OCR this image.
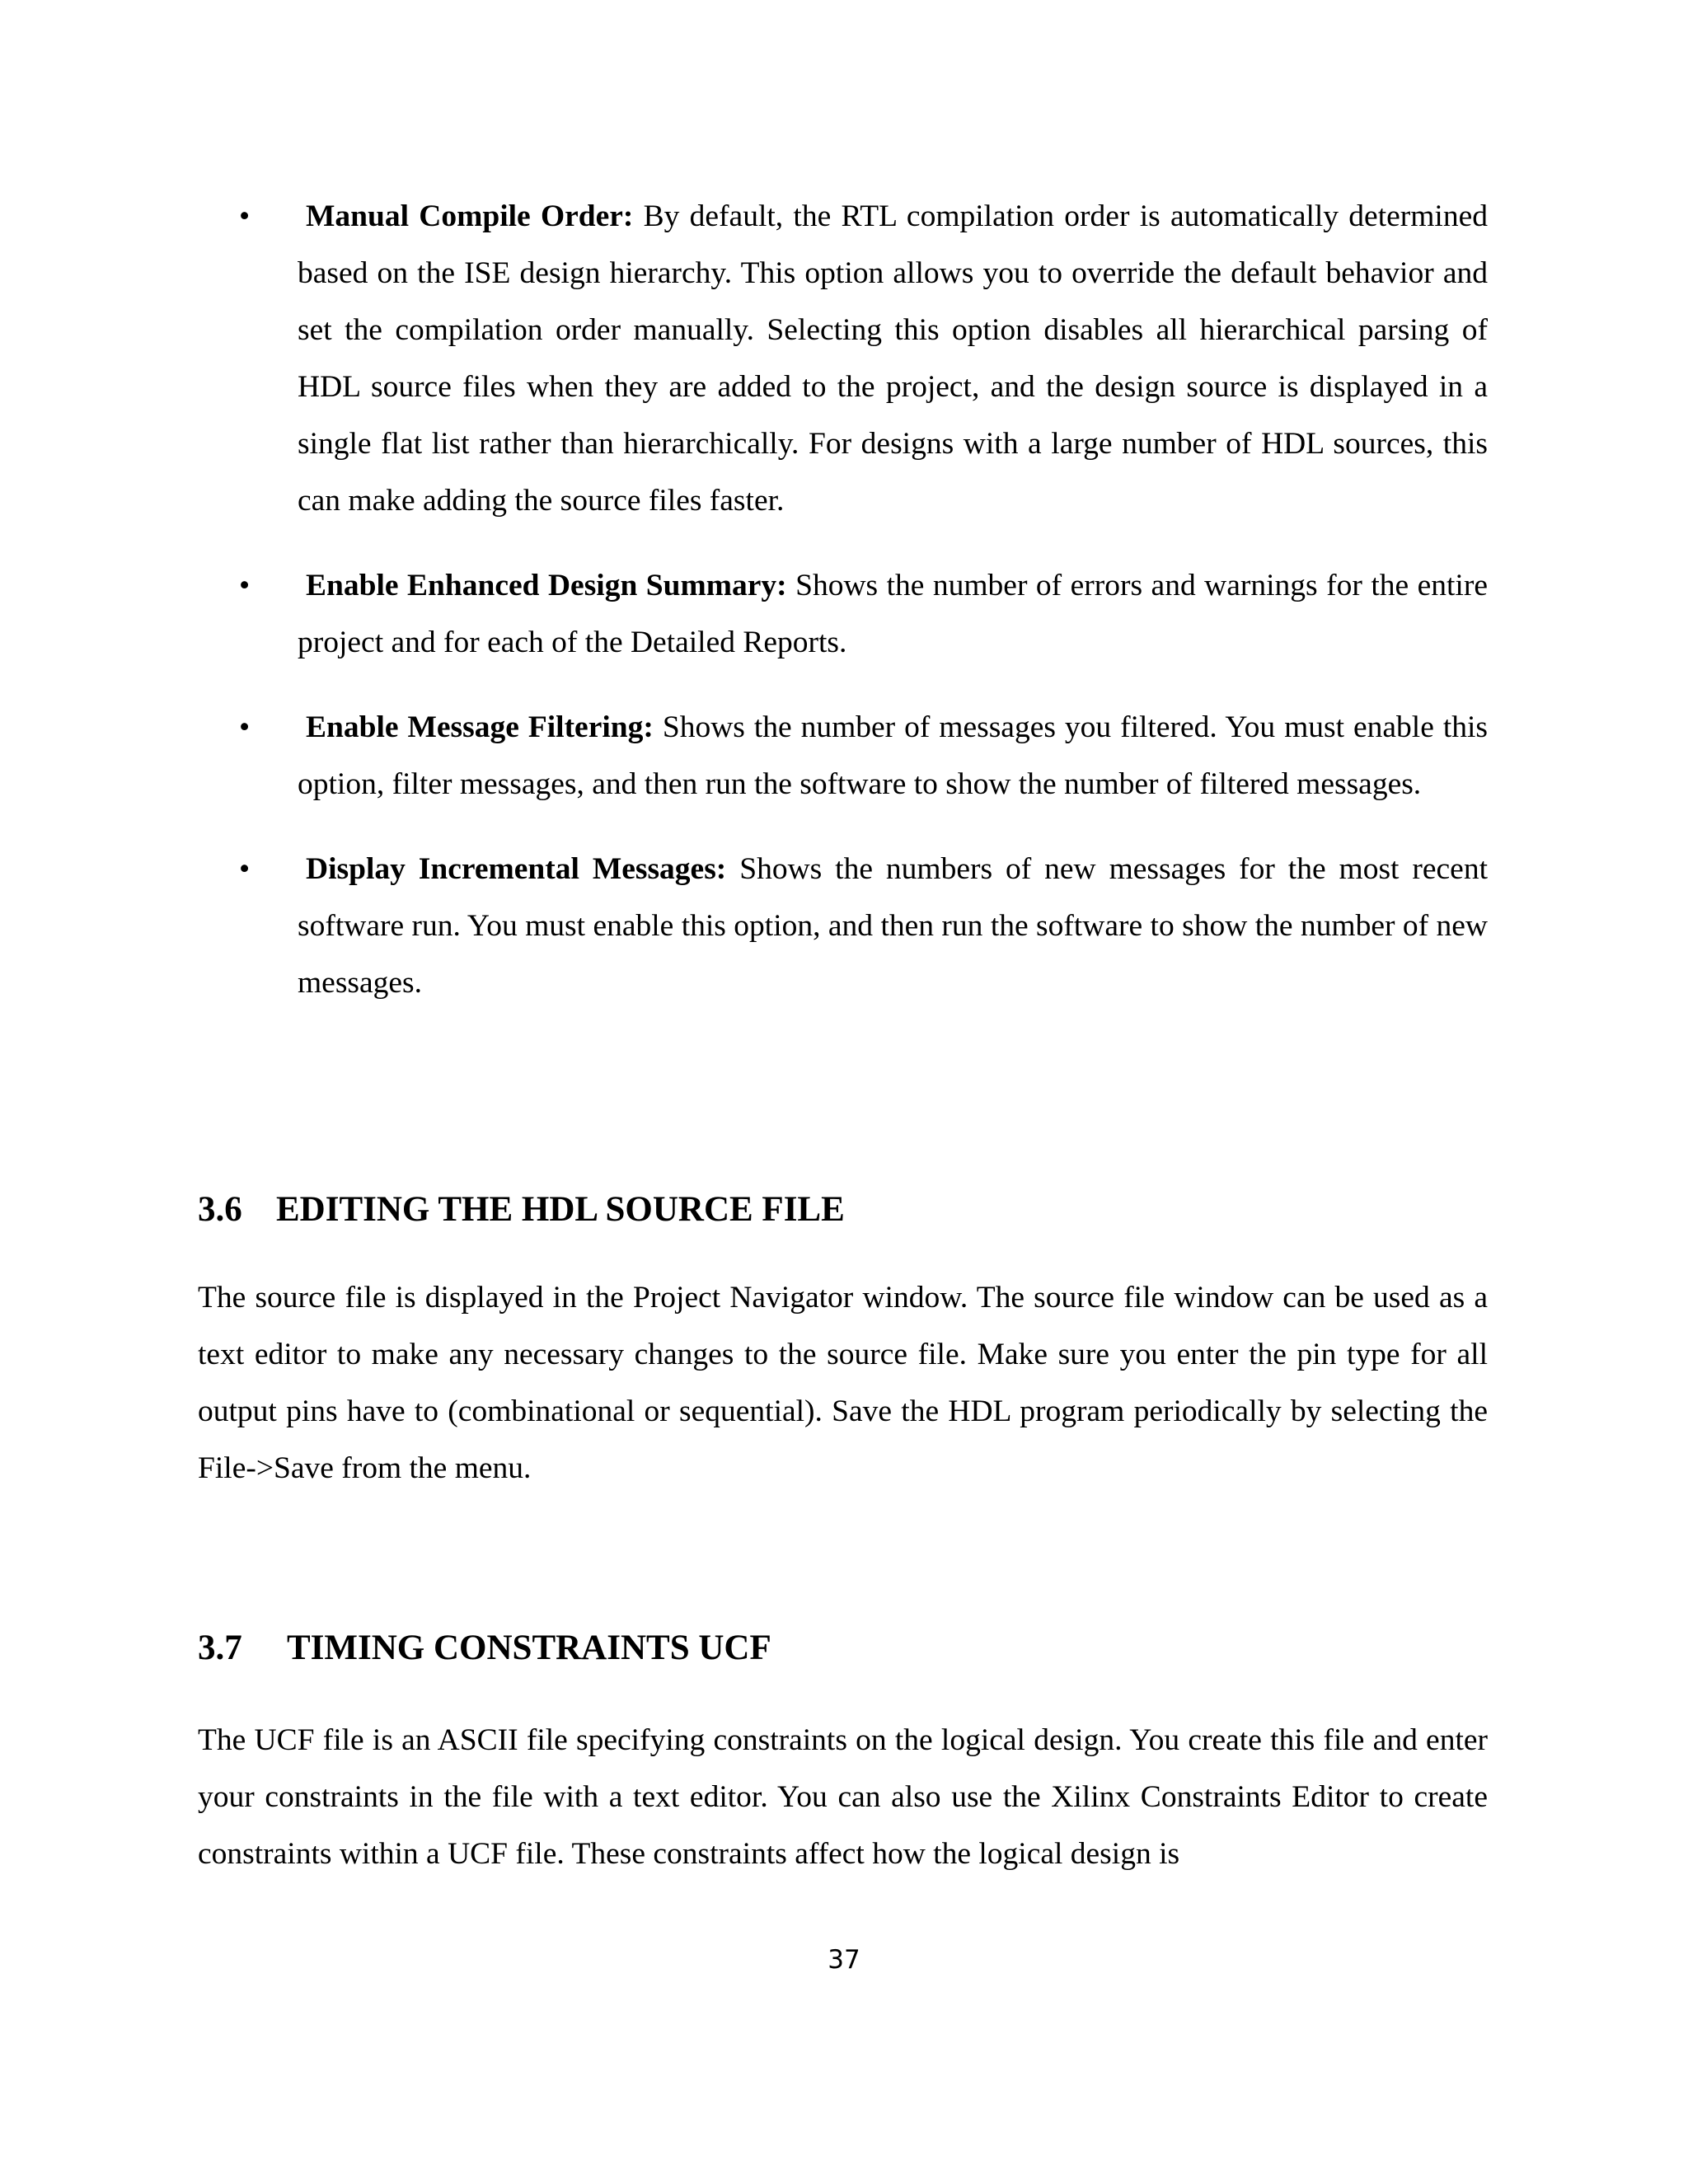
•	Manual Compile Order: By default, the RTL compilation order is automatically determined based on the ISE design hierarchy. This option allows you to override the default behavior and set the compilation order manually. Selecting this option disables all hierarchical parsing of HDL source files when they are added to the project, and the design source is displayed in a single flat list rather than hierarchically. For designs with a large number of HDL sources, this can make adding the source files faster.
•	Enable Enhanced Design Summary: Shows the number of errors and warnings for the entire project and for each of the Detailed Reports.
•	Enable Message Filtering: Shows the number of messages you filtered. You must enable this option, filter messages, and then run the software to show the number of filtered messages.
•	Display Incremental Messages: Shows the numbers of new messages for the most recent software run. You must enable this option, and then run the software to show the number of new messages.
3.6 EDITING THE HDL SOURCE FILE

The source file is displayed in the Project Navigator window. The source file window can be used as a text editor to make any necessary changes to the source file. Make sure you enter the pin type for all output pins have to (combinational or sequential). Save the HDL program periodically by selecting the File->Save from the menu.

3.7 TIMING CONSTRAINTS UCF

The UCF file is an ASCII file specifying constraints on the logical design. You create this file and enter your constraints in the file with a text editor. You can also use the Xilinx Constraints Editor to create constraints within a UCF file. These constraints affect how the logical design is

37
